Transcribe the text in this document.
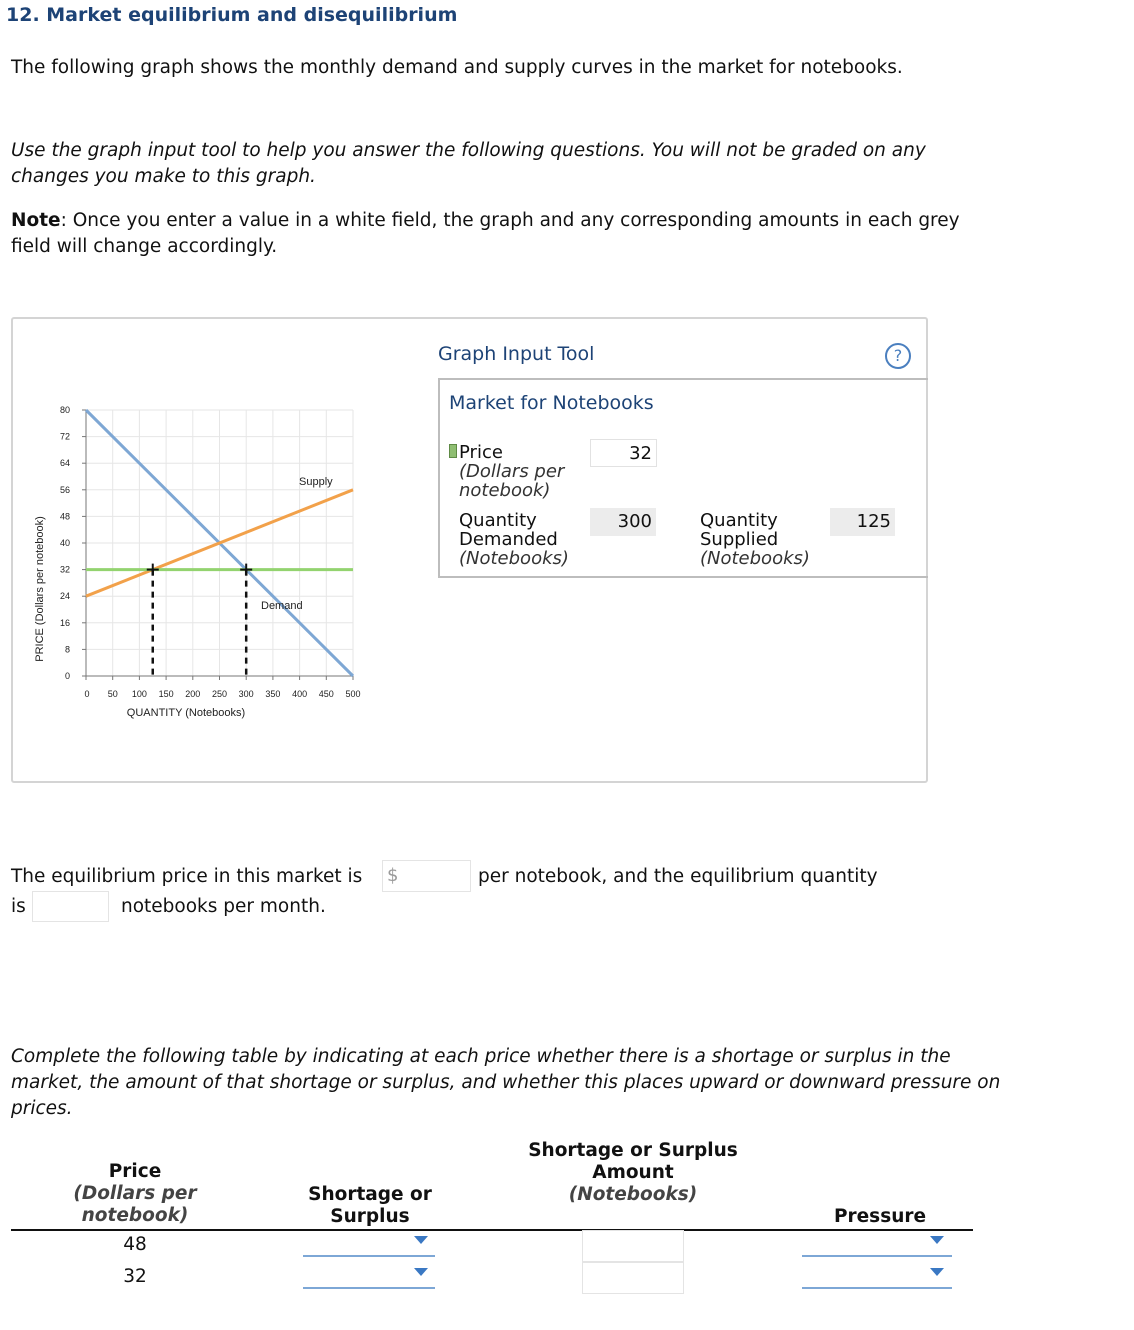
12. Market equilibrium and disequilibrium
The following graph shows the monthly demand and supply curves in the market for notebooks.
Use the graph input tool to help you answer the following questions. You will not be graded on any changes you make to this graph.
Note: Once you enter a value in a white field, the graph and any corresponding amounts in each grey field will change accordingly.
0
8
16
24
32
40
48
56
64
72
80
0 50 100 150 200 250 300 350 400 450 500
QUANTITY (Notebooks)
PRICE (Dollars per notebook)
Supply
Demand
Graph Input Tool	?
Market for Notebooks
Price
(Dollars per
notebook)
32
Quantity
Demanded
(Notebooks)
300	Quantity
Supplied
(Notebooks)
125
The equilibrium price in this market is $	per notebook, and the equilibrium quantity
is	notebooks per month.
Complete the following table by indicating at each price whether there is a shortage or surplus in the market, the amount of that shortage or surplus, and whether this places upward or downward pressure on prices.
Price
(Dollars per
notebook)
Shortage or
Surplus
Shortage or Surplus
Amount
(Notebooks)
Pressure
48
32
